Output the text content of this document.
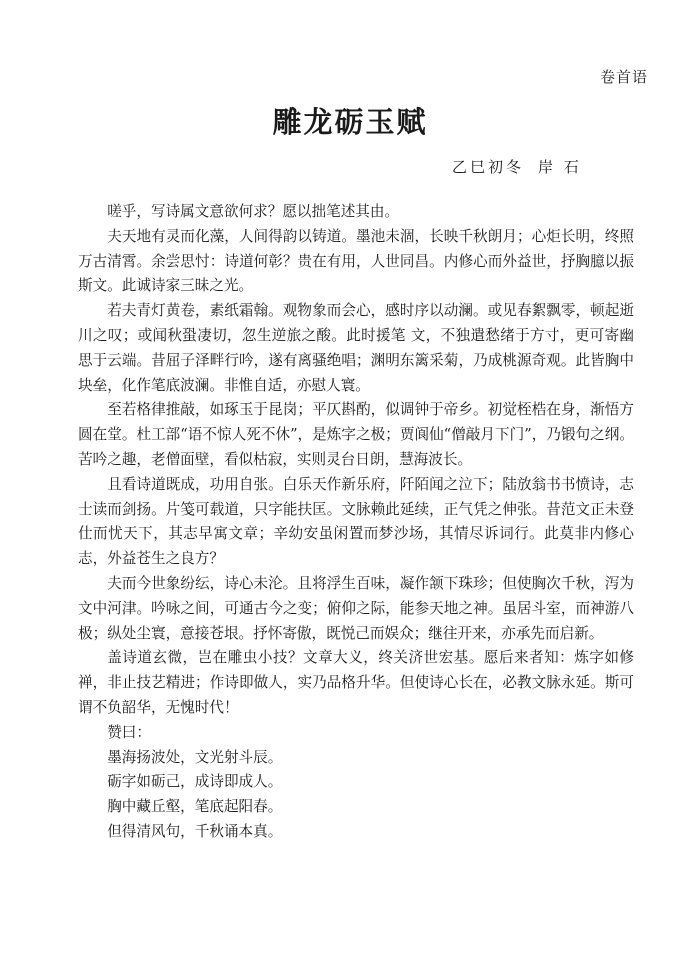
卷首语
雕龙砺玉赋
乙巳初冬 岸 石

嗟乎，写诗属文意欲何求？愿以拙笔述其由。

夫天地有灵而化藻，人间得韵以铸道。墨池未涸，长映千秋朗月；心炬长明，终照万古清霄。余尝思忖：诗道何彰？贵在有用，人世同昌。内修心而外益世，抒胸臆以振斯文。此诚诗家三昧之光。

若夫青灯黄卷，素纸霜翰。观物象而会心，感时序以动澜。或见春絮飘零，顿起逝川之叹；或闻秋蛩凄切，忽生逆旅之酸。此时援笔 文，不独遣愁绪于方寸，更可寄幽思于云端。昔屈子泽畔行吟，遂有离骚绝唱；渊明东篱采菊，乃成桃源奇观。此皆胸中块垒，化作笔底波澜。非惟自适，亦慰人寰。

至若格律推敲，如琢玉于昆岗；平仄斟酌，似调钟于帝乡。初觉桎梏在身，渐悟方圆在堂。杜工部“语不惊人死不休”，是炼字之极；贾阆仙“僧敲月下门”，乃锻句之纲。苦吟之趣，老僧面壁，看似枯寂，实则灵台日朗，慧海波长。

且看诗道既成，功用自张。白乐天作新乐府，阡陌闻之泣下；陆放翁书书愤诗，志士读而剑扬。片笺可载道，只字能扶匡。文脉赖此延续，正气凭之伸张。昔范文正未登仕而忧天下，其志早寓文章；辛幼安虽闲置而梦沙场，其情尽诉词行。此莫非内修心志，外益苍生之良方？

夫而今世象纷纭，诗心未沦。且将浮生百味，凝作颔下珠珍；但使胸次千秋，泻为文中河津。吟咏之间，可通古今之变；俯仰之际，能参天地之神。虽居斗室，而神游八极；纵处尘寰，意接苍垠。抒怀寄傲，既悦己而娱众；继往开来，亦承先而启新。

盖诗道玄微，岂在雕虫小技？文章大义，终关济世宏基。愿后来者知：炼字如修禅，非止技艺精进；作诗即做人，实乃品格升华。但使诗心长在，必教文脉永延。斯可谓不负韶华，无愧时代！

赞曰：

墨海扬波处，文光射斗辰。
砺字如砺己，成诗即成人。
胸中藏丘壑，笔底起阳春。
但得清风句，千秋诵本真。
